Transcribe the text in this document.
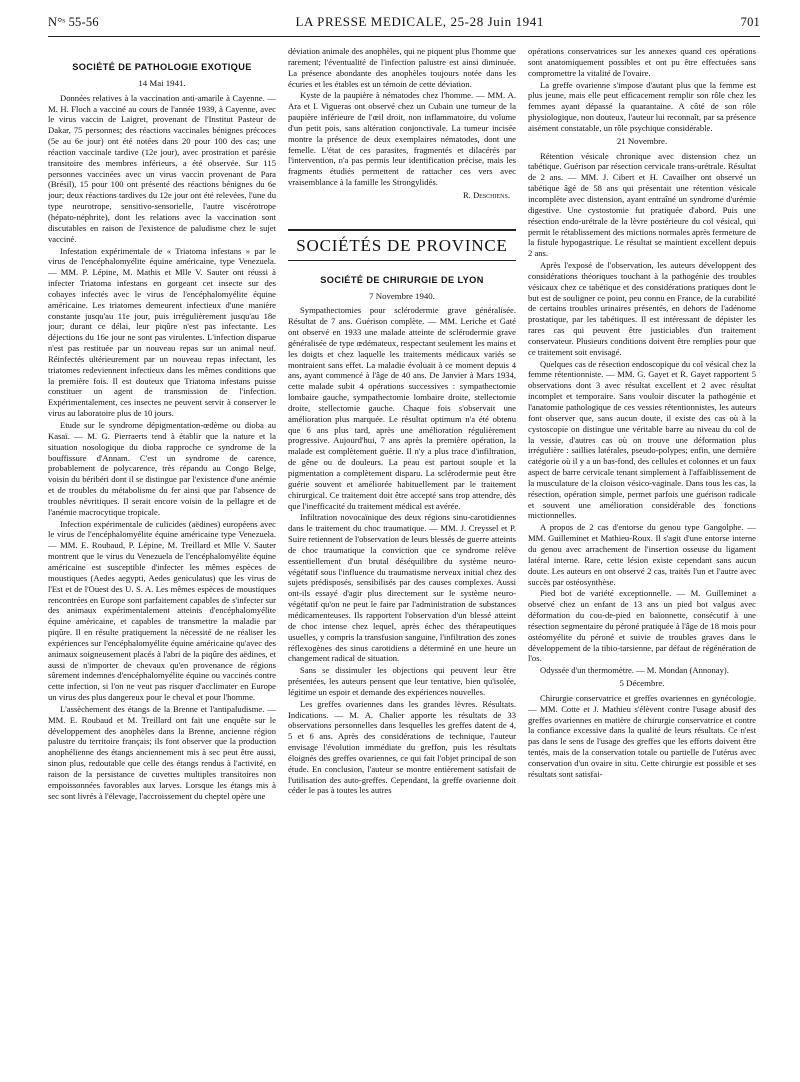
N°ˢ 55-56	LA PRESSE MEDICALE, 25-28 Juin 1941	701
SOCIÉTÉ DE PATHOLOGIE EXOTIQUE
14 Mai 1941.

Données relatives à la vaccination anti-amarile à Cayenne. — M. H. Floch a vacciné au cours de l'année 1939, à Cayenne, avec le virus vaccin de Laigret, provenant de l'Institut Pasteur de Dakar, 75 personnes; des réactions vaccinales bénignes précoces (5e au 6e jour) ont été notées dans 20 pour 100 des cas; une réaction vaccinale tardive (12e jour), avec prostration et parésie transitoire des membres inférieurs, a été observée. Sur 115 personnes vaccinées avec un virus vaccin provenant de Para (Brésil), 15 pour 100 ont présenté des réactions bénignes du 6e jour; deux réactions tardives du 12e jour ont été relevées, l'une du type neurotrope, sensitivo-sensorielle, l'autre viscérotrope (hépato-néphrite), dont les relations avec la vaccination sont discutables en raison de l'existence de paludisme chez le sujet vacciné.

Infestation expérimentale de « Triatoma infestans » par le virus de l'encéphalomyélite équine américaine, type Venezuela. — MM. P. Lépine, M. Mathis et Mlle V. Sauter ont réussi à infecter Triatoma infestans en gorgeant cet insecte sur des cobayes infectés avec le virus de l'encéphalomyélite équine américaine. Les triatomes demeurent infectieux d'une manière constante jusqu'au 11e jour, puis irrégulièrement jusqu'au 18e jour; durant ce délai, leur piqûre n'est pas infectante. Les déjections du 16e jour ne sont pas virulentes. L'infection disparue n'est pas restituée par un nouveau repas sur un animal neuf. Réinfectés ultérieurement par un nouveau repas infectant, les triatomes redeviennent infectieux dans les mêmes conditions que la première fois. Il est douteux que Triatoma infestans puisse constituer un agent de transmission de l'infection. Expérimentalement, ces insectes ne peuvent servir à conserver le virus au laboratoire plus de 10 jours.

Etude sur le syndrome dépigmentation-œdème ou dioba au Kasaï. — M. G. Pierraerts tend à établir que la nature et la situation nosologique du dioba rapproche ce syndrome de la bouffissure d'Annam. C'est un syndrome de carence, probablement de polycarence, très répandu au Congo Belge, voisin du béribéri dont il se distingue par l'existence d'une anémie et de troubles du métabolisme du fer ainsi que par l'absence de troubles névritiques. Il serait encore voisin de la pellagre et de l'anémie macrocytique tropicale.

Infection expérimentale de culicides (aëdines) européens avec le virus de l'encéphalomyélite équine américaine type Venezuela. — MM. E. Roubaud, P. Lépine, M. Treillard et Mlle V. Sauter montrent que le virus du Venezuela de l'encéphalomyélite équine américaine est susceptible d'infecter les mêmes espèces de moustiques (Aedes aegypti, Aedes geniculatus) que les virus de l'Est et de l'Ouest des U. S. A. Les mêmes espèces de moustiques rencontrées en Europe sont parfaitement capables de s'infecter sur des animaux expérimentalement atteints d'encéphalomyélite équine américaine, et capables de transmettre la maladie par piqûre. Il en résulte pratiquement la nécessité de ne réaliser les expériences sur l'encéphalomyélite équine américaine qu'avec des animaux soigneusement placés à l'abri de la piqûre des aëdines, et aussi de n'importer de chevaux qu'en provenance de régions sûrement indemnes d'encéphalomyélite équine ou vaccinés contre cette infection, si l'on ne veut pas risquer d'acclimater en Europe un virus des plus dangereux pour le cheval et pour l'homme.

L'assèchement des étangs de la Brenne et l'antipaludisme. — MM. E. Roubaud et M. Treillard ont fait une enquête sur le développement des anophèles dans la Brenne, ancienne région palustre du territoire français; ils font observer que la production anophélienne des étangs anciennement mis à sec peut être aussi, sinon plus, redoutable que celle des étangs rendus à l'activité, en raison de la persistance de cuvettes multiples transitoires non empoissonnées favorables aux larves. Lorsque les étangs mis à sec sont livrés à l'élevage, l'accroissement du cheptel opère une

déviation animale des anophèles, qui ne piquent plus l'homme que rarement; l'éventualité de l'infection palustre est ainsi diminuée. La présence abondante des anophèles toujours notée dans les écuries et les étables est un témoin de cette déviation.

Kyste de la paupière à nématodes chez l'homme. — MM. A. Ara et I. Vigueras ont observé chez un Cubain une tumeur de la paupière inférieure de l'œil droit, non inflammatoire, du volume d'un petit pois, sans altération conjonctivale. La tumeur incisée montre la présence de deux exemplaires nématodes, dont une femelle. L'état de ces parasites, fragmentés et dilacérés par l'intervention, n'a pas permis leur identification précise, mais les fragments étudiés permettent de rattacher ces vers avec vraisemblance à la famille les Strongylidés.

R. Deschiens.
SOCIÉTÉS DE PROVINCE
SOCIÉTÉ DE CHIRURGIE DE LYON
7 Novembre 1940.

Sympathectomies pour sclérodermie grave généralisée. Résultat de 7 ans. Guérison complète. — MM. Leriche et Gaté ont observé en 1933 une malade atteinte de sclérodermie grave généralisée de type œdémateux, respectant seulement les mains et les doigts et chez laquelle les traitements médicaux variés se montraient sans effet. La maladie évoluait à ce moment depuis 4 ans, ayant commencé à l'âge de 40 ans. De Janvier à Mars 1934, cette malade subit 4 opérations successives : sympathectomie lombaire gauche, sympathectomie lombaire droite, stellectomie droite, stellectomie gauche. Chaque fois s'observait une amélioration plus marquée. Le résultat optimum n'a été obtenu que 6 ans plus tard, après une amélioration régulièrement progressive. Aujourd'hui, 7 ans après la première opération, la malade est complètement guérie. Il n'y a plus trace d'infiltration, de gêne ou de douleurs. La peau est partout souple et la pigmentation a complètement disparu. La sclérodermie peut être guérie souvent et améliorée habituellement par le traitement chirurgical. Ce traitement doit être accepté sans trop attendre, dès que l'inefficacité du traitement médical est avérée.

Infiltration novocaïnique des deux régions sinu-carotidiennes dans le traitement du choc traumatique. — MM. J. Creyssel et P. Suire retiennent de l'observation de leurs blessés de guerre atteints de choc traumatique la conviction que ce syndrome relève essentiellement d'un brutal déséquilibre du système neuro-végétatif sous l'influence du traumatisme nerveux initial chez des sujets prédisposés, sensibilisés par des causes complexes. Aussi ont-ils essayé d'agir plus directement sur le système neuro-végétatif qu'on ne peut le faire par l'administration de substances médicamenteuses. Ils rapportent l'observation d'un blessé atteint de choc intense chez lequel, après échec des thérapeutiques usuelles, y compris la transfusion sanguine, l'infiltration des zones réflexogènes des sinus carotidiens a déterminé en une heure un changement radical de situation.

Sans se dissimuler les objections qui peuvent leur être présentées, les auteurs pensent que leur tentative, bien qu'isolée, légitime un espoir et demande des expériences nouvelles.

Les greffes ovariennes dans les grandes lèvres. Résultats. Indications. — M. A. Chalier apporte les résultats de 33 observations personnelles dans lesquelles les greffes datent de 4, 5 et 6 ans. Après des considérations de technique, l'auteur envisage l'évolution immédiate du greffon, puis les résultats éloignés des greffes ovariennes, ce qui fait l'objet principal de son étude. En conclusion, l'auteur se montre entièrement satisfait de l'utilisation des auto-greffes. Cependant, la greffe ovarienne doit céder le pas à toutes les autres

opérations conservatrices sur les annexes quand ces opérations sont anatomiquement possibles et ont pu être effectuées sans compromettre la vitalité de l'ovaire.

La greffe ovarienne s'impose d'autant plus que la femme est plus jeune, mais elle peut efficacement remplir son rôle chez les femmes ayant dépassé la quarantaine. A côté de son rôle physiologique, non douteux, l'auteur lui reconnaît, par sa présence aisément constatable, un rôle psychique considérable.

21 Novembre.

Rétention vésicale chronique avec distension chez un tabétique. Guérison par résection cervicale trans-urétrale. Résultat de 2 ans. — MM. J. Cibert et H. Cavailher ont observé un tabétique âgé de 58 ans qui présentait une rétention vésicale incomplète avec distension, ayant entraîné un syndrome d'urémie digestive. Une cystostomie fut pratiquée d'abord. Puis une résection endo-urétrale de la lèvre postérieure du col vésical, qui permit le rétablissement des mictions normales après fermeture de la fistule hypogastrique. Le résultat se maintient excellent depuis 2 ans.

Après l'exposé de l'observation, les auteurs développent des considérations théoriques touchant à la pathogénie des troubles vésicaux chez ce tabétique et des considérations pratiques dont le but est de souligner ce point, peu connu en France, de la curabilité de certains troubles urinaires présentés, en dehors de l'adénome prostatique, par les tabétiques. Il est intéressant de dépister les rares cas qui peuvent être justiciables d'un traitement conservateur. Plusieurs conditions doivent être remplies pour que ce traitement soit envisagé.

Quelques cas de résection endoscopique du col vésical chez la femme rétentionniste. — MM. G. Gayet et R. Gayet rapportent 5 observations dont 3 avec résultat excellent et 2 avec résultat incomplet et temporaire. Sans vouloir discuter la pathogénie et l'anatomie pathologique de ces vessies rétentionnistes, les auteurs font observer que, sans aucun doute, il existe des cas où à la cystoscopie on distingue une véritable barre au niveau du col de la vessie, d'autres cas où on trouve une déformation plus irrégulière : saillies latérales, pseudo-polypes; enfin, une dernière catégorie où il y a un bas-fond, des cellules et colonnes et un faux aspect de barre cervicale tenant simplement à l'affaiblissement de la musculature de la cloison vésico-vaginale. Dans tous les cas, la résection, opération simple, permet parfois une guérison radicale et souvent une amélioration considérable des fonctions mictionnelles.

A propos de 2 cas d'entorse du genou type Gangolphe. — MM. Guilleminet et Mathieu-Roux. Il s'agit d'une entorse interne du genou avec arrachement de l'insertion osseuse du ligament latéral interne. Rare, cette lésion existe cependant sans aucun doute. Les auteurs en ont observé 2 cas, traités l'un et l'autre avec succès par ostéosynthèse.

Pied bot de variété exceptionnelle. — M. Guilleminet a observé chez un enfant de 13 ans un pied bot valgus avec déformation du cou-de-pied en baïonnette, consécutif à une résection segmentaire du péroné pratiquée à l'âge de 18 mois pour ostéomyélite du péroné et suivie de troubles graves dans le développement de la tibio-tarsienne, par défaut de régénération de l'os.

Odyssée d'un thermomètre. — M. Mondan (Annonay).

5 Décembre.

Chirurgie conservatrice et greffes ovariennes en gynécologie. — MM. Cotte et J. Mathieu s'élèvent contre l'usage abusif des greffes ovariennes en matière de chirurgie conservatrice et contre la confiance excessive dans la qualité de leurs résultats. Ce n'est pas dans le sens de l'usage des greffes que les efforts doivent être tentés, mais de la conservation totale ou partielle de l'utérus avec conservation d'un ovaire in situ. Cette chirurgie est possible et ses résultats sont satisfai-
